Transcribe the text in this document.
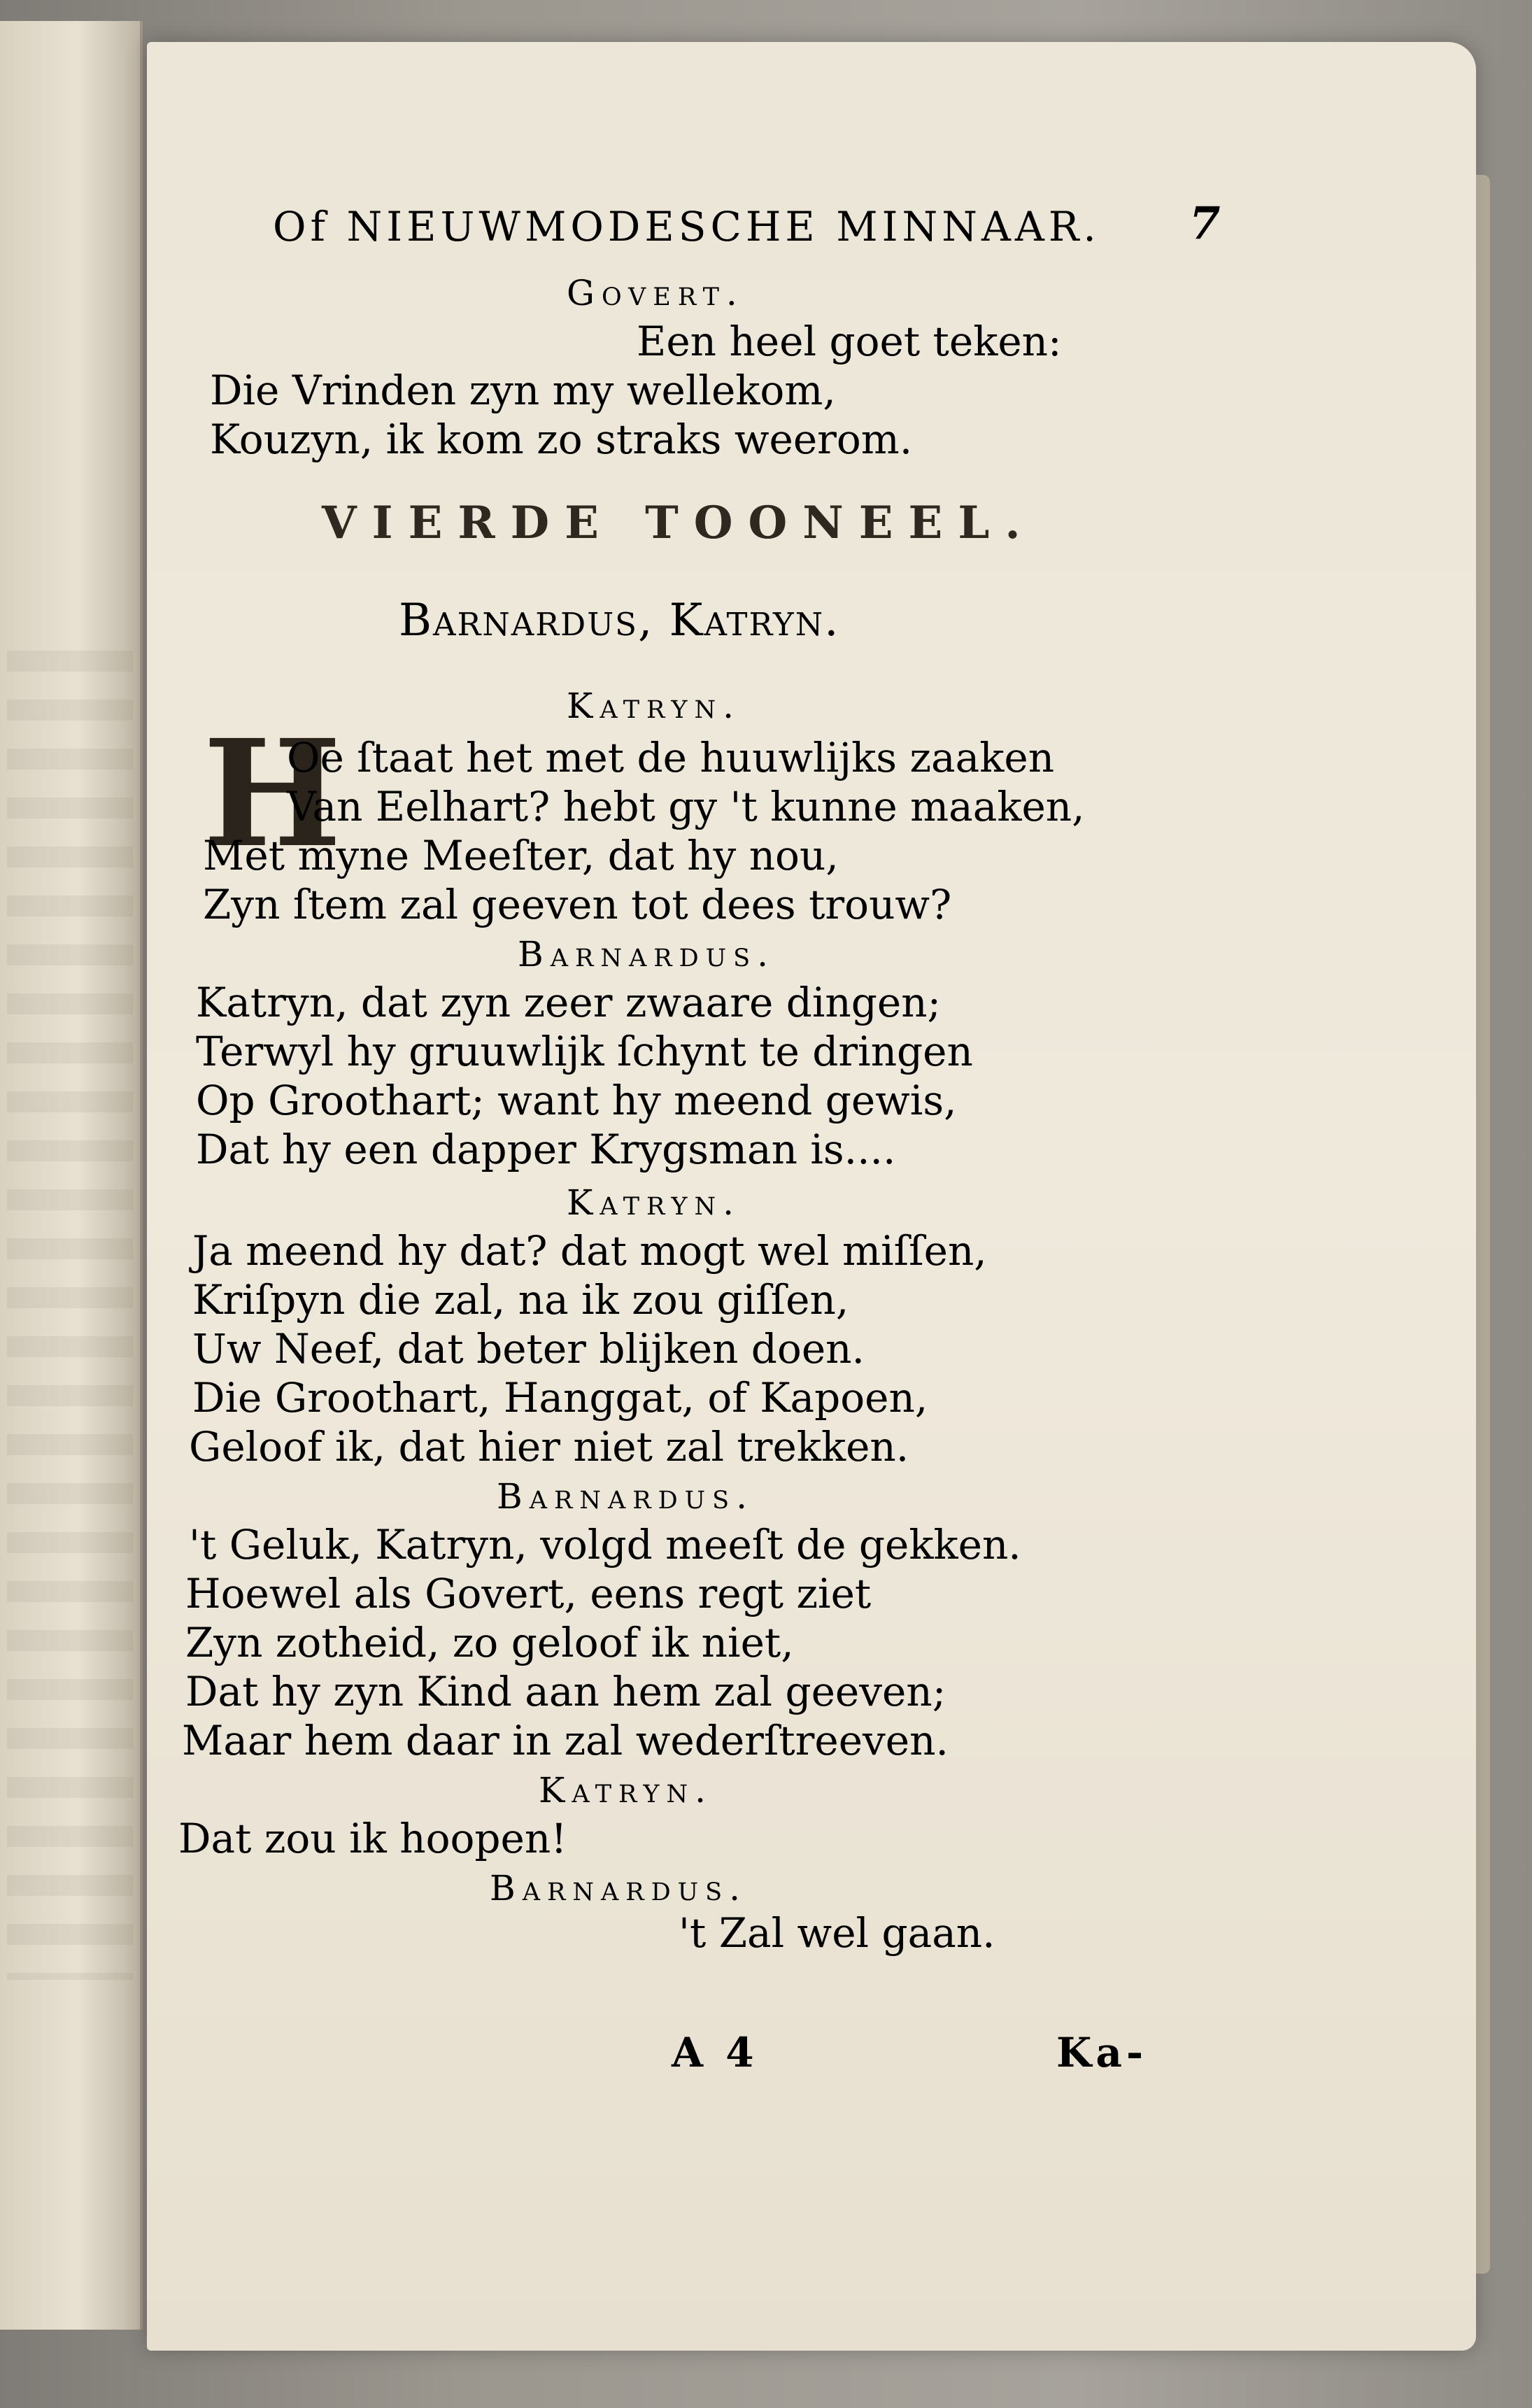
Of NIEUWMODESCHE MINNAAR. 7
Govert.
Een heel goet teken:
Die Vrinden zyn my wellekom,
Kouzyn, ik kom zo straks weerom.
VIERDE TOONEEL.
Barnardus, Katryn.
Katryn.
H
Oe ſtaat het met de huuwlijks zaaken
Van Eelhart? hebt gy 't kunne maaken,
Met myne Meeſter, dat hy nou,
Zyn ſtem zal geeven tot dees trouw?
Barnardus.
Katryn, dat zyn zeer zwaare dingen;
Terwyl hy gruuwlijk ſchynt te dringen
Op Groothart; want hy meend gewis,
Dat hy een dapper Krygsman is....
Katryn.
Ja meend hy dat? dat mogt wel miſſen,
Kriſpyn die zal, na ik zou giſſen,
Uw Neef, dat beter blijken doen.
Die Groothart, Hanggat, of Kapoen,
Geloof ik, dat hier niet zal trekken.
Barnardus.
't Geluk, Katryn, volgd meeſt de gekken.
Hoewel als Govert, eens regt ziet
Zyn zotheid, zo geloof ik niet,
Dat hy zyn Kind aan hem zal geeven;
Maar hem daar in zal wederſtreeven.
Katryn.
Dat zou ik hoopen!
Barnardus.
't Zal wel gaan.
A 4	Ka-
